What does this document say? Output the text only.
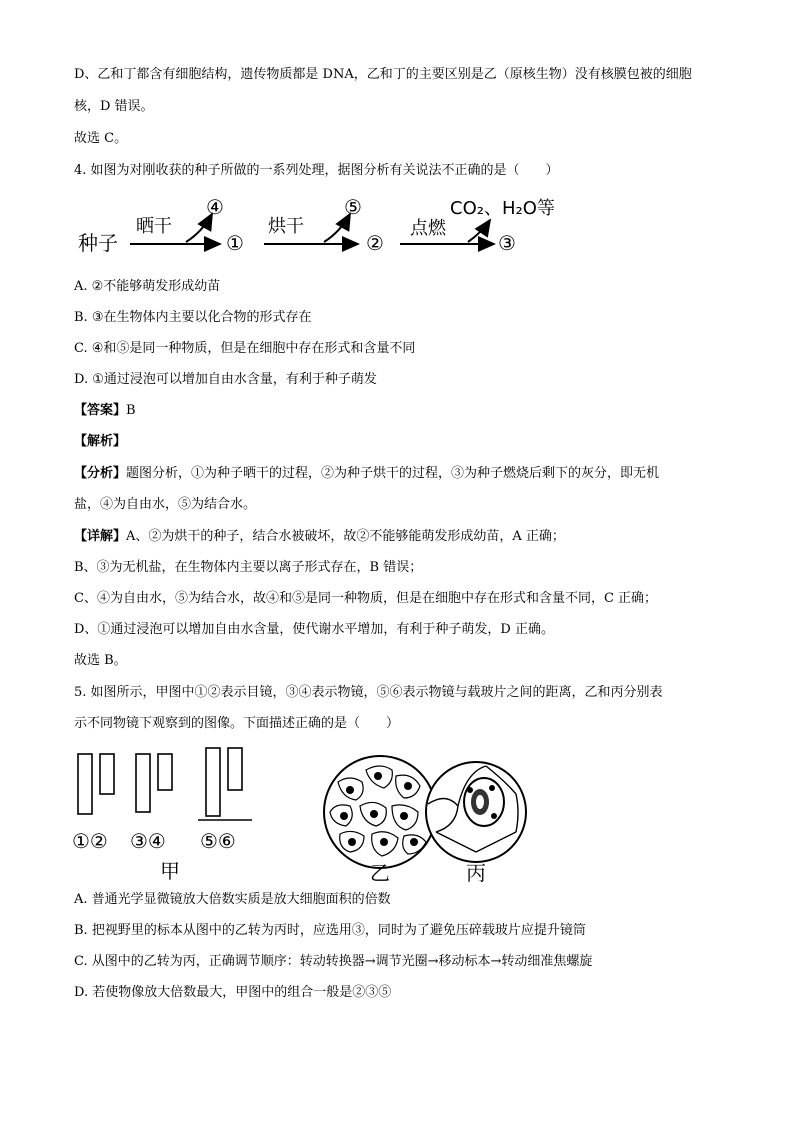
D、乙和丁都含有细胞结构，遗传物质都是 DNA，乙和丁的主要区别是乙（原核生物）没有核膜包被的细胞
核，D 错误。
故选 C。
4. 如图为对刚收获的种子所做的一系列处理，据图分析有关说法不正确的是（　　）
种子
晒干
①
④
烘干
②
⑤
点燃
③
CO₂、H₂O等
A. ②不能够萌发形成幼苗
B. ③在生物体内主要以化合物的形式存在
C. ④和⑤是同一种物质，但是在细胞中存在形式和含量不同
D. ①通过浸泡可以增加自由水含量，有利于种子萌发
【答案】B
【解析】
【分析】题图分析，①为种子晒干的过程，②为种子烘干的过程，③为种子燃烧后剩下的灰分，即无机
盐，④为自由水，⑤为结合水。
【详解】A、②为烘干的种子，结合水被破坏，故②不能够能萌发形成幼苗，A 正确；
B、③为无机盐，在生物体内主要以离子形式存在，B 错误；
C、④为自由水，⑤为结合水，故④和⑤是同一种物质，但是在细胞中存在形式和含量不同，C 正确；
D、①通过浸泡可以增加自由水含量，使代谢水平增加，有利于种子萌发，D 正确。
故选 B。
5. 如图所示，甲图中①②表示目镜，③④表示物镜，⑤⑥表示物镜与载玻片之间的距离，乙和丙分别表
示不同物镜下观察到的图像。下面描述正确的是（　　）
①② ③④ ⑤⑥
甲	乙	丙
A. 普通光学显微镜放大倍数实质是放大细胞面积的倍数
B. 把视野里的标本从图中的乙转为丙时，应选用③，同时为了避免压碎载玻片应提升镜筒
C. 从图中的乙转为丙，正确调节顺序：转动转换器→调节光圈→移动标本→转动细准焦螺旋
D. 若使物像放大倍数最大，甲图中的组合一般是②③⑤
